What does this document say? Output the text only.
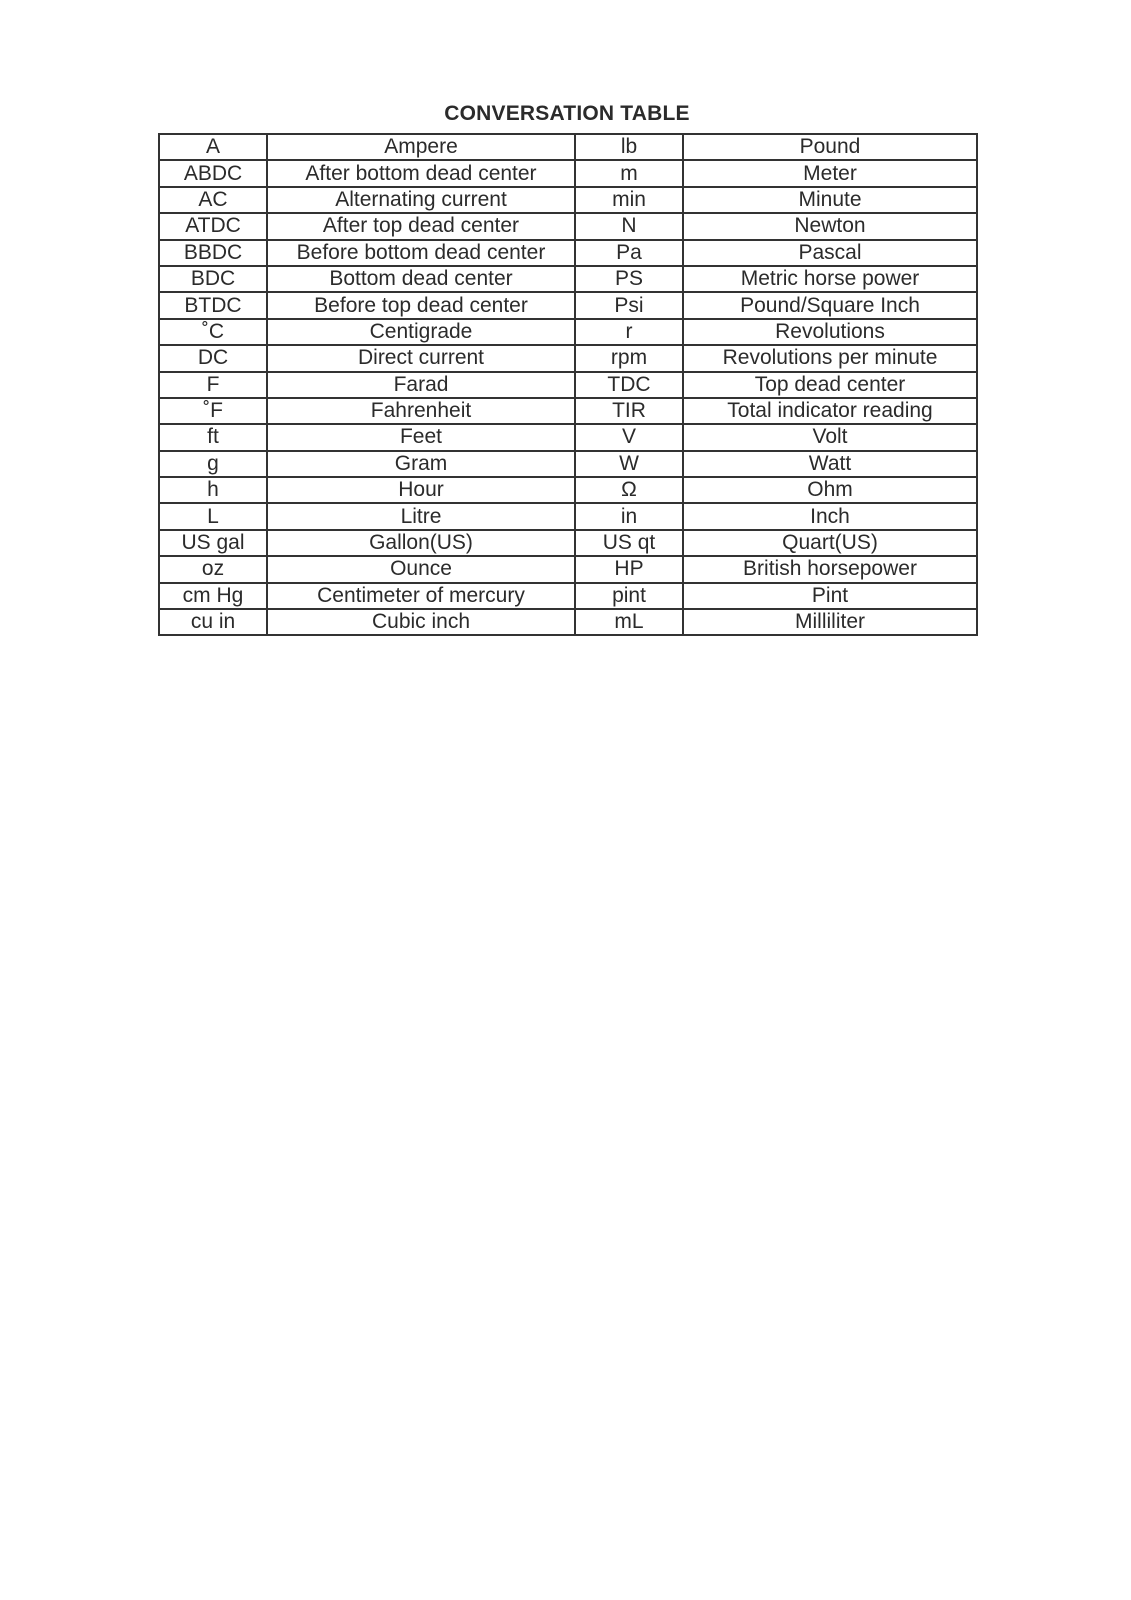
CONVERSATION TABLE
A	Ampere	lb	Pound
ABDC	After bottom dead center	m	Meter
AC	Alternating current	min	Minute
ATDC	After top dead center	N	Newton
BBDC	Before bottom dead center	Pa	Pascal
BDC	Bottom dead center	PS	Metric horse power
BTDC	Before top dead center	Psi	Pound/Square Inch
˚C	Centigrade	r	Revolutions
DC	Direct current	rpm	Revolutions per minute
F	Farad	TDC	Top dead center
˚F	Fahrenheit	TIR	Total indicator reading
ft	Feet	V	Volt
g	Gram	W	Watt
h	Hour	Ω	Ohm
L	Litre	in	Inch
US gal	Gallon(US)	US qt	Quart(US)
oz	Ounce	HP	British horsepower
cm Hg	Centimeter of mercury	pint	Pint
cu in	Cubic inch	mL	Milliliter
